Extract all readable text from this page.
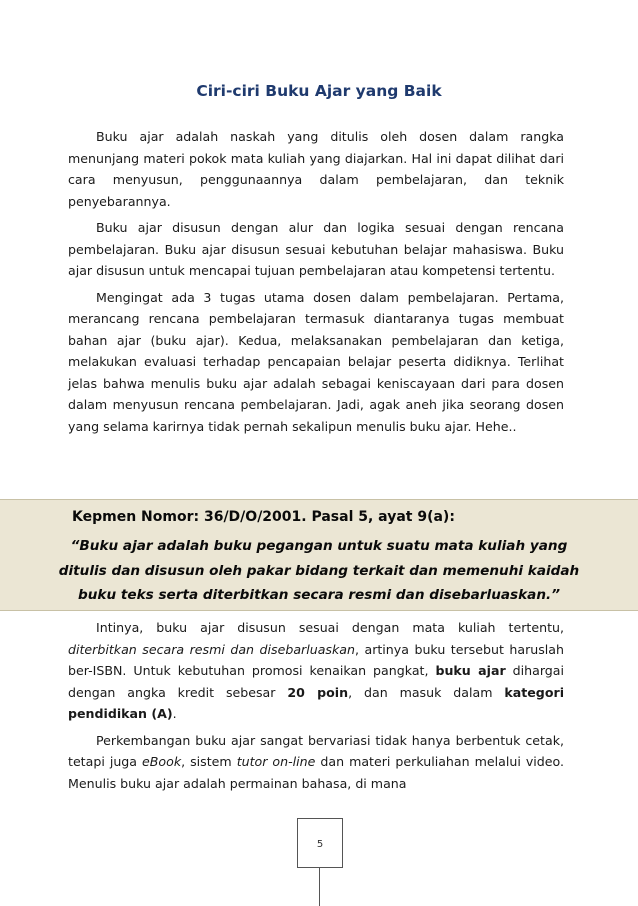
Ciri-ciri Buku Ajar yang Baik

Buku ajar adalah naskah yang ditulis oleh dosen dalam rangka menunjang materi pokok mata kuliah yang diajarkan. Hal ini dapat dilihat dari cara menyusun, penggunaannya dalam pembelajaran, dan teknik penyebarannya.

Buku ajar disusun dengan alur dan logika sesuai dengan rencana pembelajaran. Buku ajar disusun sesuai kebutuhan belajar mahasiswa. Buku ajar disusun untuk mencapai tujuan pembelajaran atau kompetensi tertentu.

Mengingat ada 3 tugas utama dosen dalam pembelajaran. Pertama, merancang rencana pembelajaran termasuk diantaranya tugas membuat bahan ajar (buku ajar). Kedua, melaksanakan pembelajaran dan ketiga, melakukan evaluasi terhadap pencapaian belajar peserta didiknya. Terlihat jelas bahwa menulis buku ajar adalah sebagai keniscayaan dari para dosen dalam menyusun rencana pembelajaran. Jadi, agak aneh jika seorang dosen yang selama karirnya tidak pernah sekalipun menulis buku ajar. Hehe..

Kepmen Nomor: 36/D/O/2001. Pasal 5, ayat 9(a):

“Buku ajar adalah buku pegangan untuk suatu mata kuliah yang
ditulis dan disusun oleh pakar bidang terkait dan memenuhi kaidah
buku teks serta diterbitkan secara resmi dan disebarluaskan.”

Intinya, buku ajar disusun sesuai dengan mata kuliah tertentu, diterbitkan secara resmi dan disebarluaskan, artinya buku tersebut haruslah ber-ISBN. Untuk kebutuhan promosi kenaikan pangkat, buku ajar dihargai dengan angka kredit sebesar 20 poin, dan masuk dalam kategori pendidikan (A).

Perkembangan buku ajar sangat bervariasi tidak hanya berbentuk cetak, tetapi juga eBook, sistem tutor on-line dan materi perkuliahan melalui video. Menulis buku ajar adalah permainan bahasa, di mana

5
